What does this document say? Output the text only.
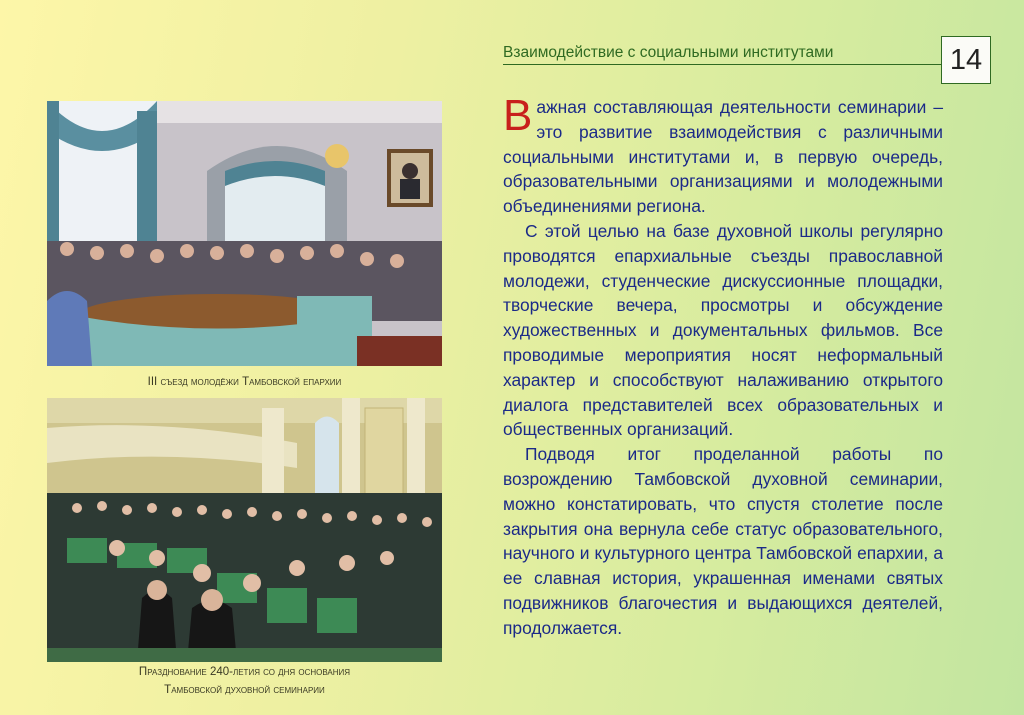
Взаимодействие с социальными институтами	14
III съезд молодёжи Тамбовской епархии
Празднование 240-летия со дня основания
Тамбовской духовной семинарии

Важная составляющая деятельности семинарии – это развитие взаимодействия с различными социальными институтами и, в первую очередь, образовательными организациями и молодежными объединениями региона.

С этой целью на базе духовной школы регулярно проводятся епархиальные съезды православной молодежи, студенческие дискуссионные площадки, творческие вечера, просмотры и обсуждение художественных и документальных фильмов. Все проводимые мероприятия носят неформальный характер и способствуют налаживанию открытого диалога представителей всех образовательных и общественных организаций.

Подводя итог проделанной работы по возрождению Тамбовской духовной семинарии, можно констатировать, что спустя столетие после закрытия она вернула себе статус образовательного, научного и культурного центра Тамбовской епархии, а ее славная история, украшенная именами святых подвижников благочестия и выдающихся деятелей, продолжается.
